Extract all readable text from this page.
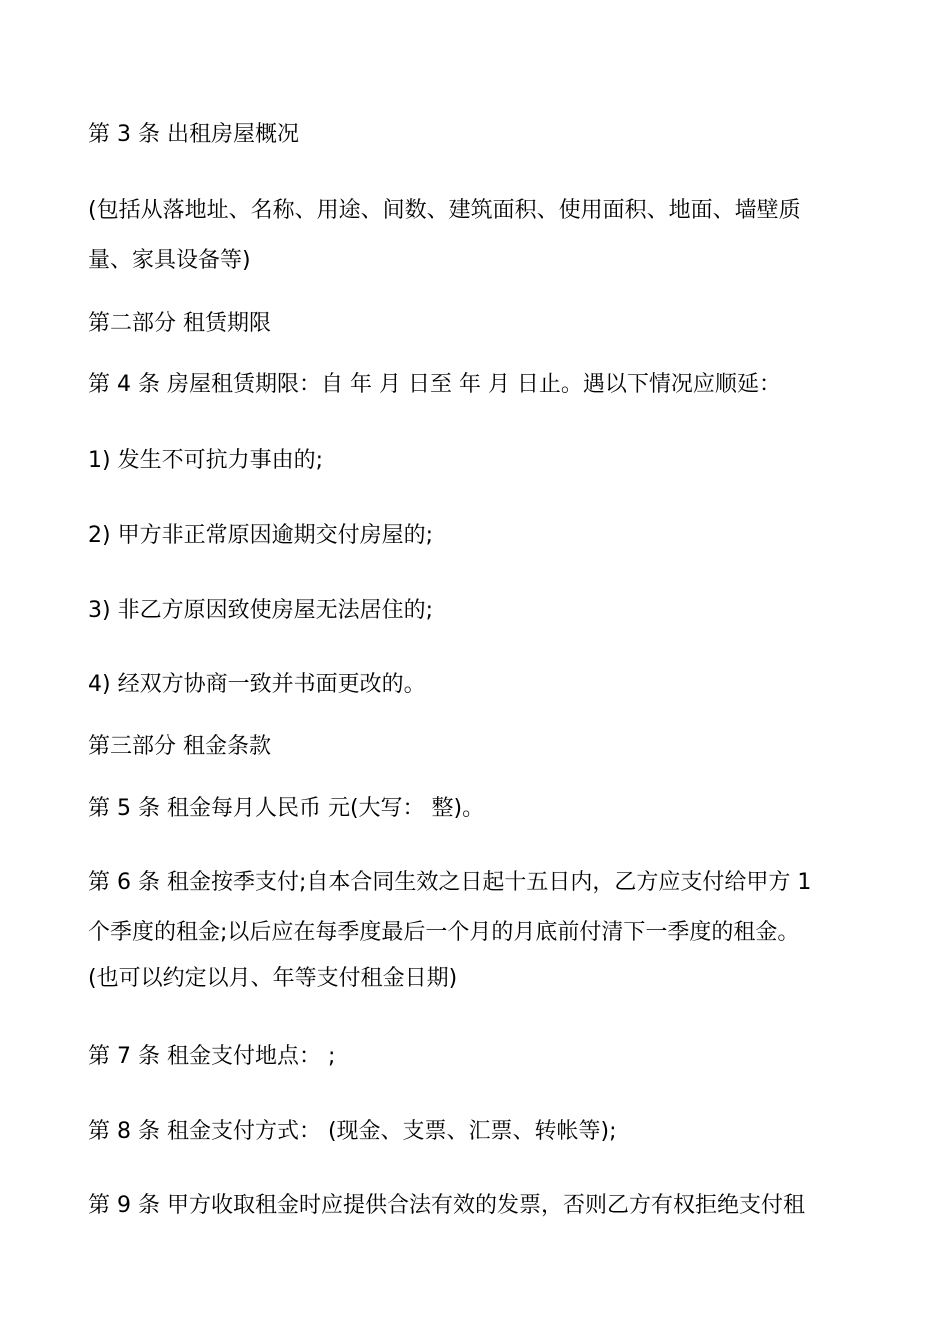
第 3 条 出租房屋概况
(包括从落地址、名称、用途、间数、建筑面积、使用面积、地面、墙壁质
量、家具设备等)
第二部分 租赁期限
第 4 条 房屋租赁期限：自 年 月 日至 年 月 日止。遇以下情况应顺延：
1) 发生不可抗力事由的;
2) 甲方非正常原因逾期交付房屋的;
3) 非乙方原因致使房屋无法居住的;
4) 经双方协商一致并书面更改的。
第三部分 租金条款
第 5 条 租金每月人民币 元(大写： 整)。
第 6 条 租金按季支付;自本合同生效之日起十五日内，乙方应支付给甲方 1
个季度的租金;以后应在每季度最后一个月的月底前付清下一季度的租金。
(也可以约定以月、年等支付租金日期)
第 7 条 租金支付地点： ;
第 8 条 租金支付方式： (现金、支票、汇票、转帐等);
第 9 条 甲方收取租金时应提供合法有效的发票，否则乙方有权拒绝支付租
